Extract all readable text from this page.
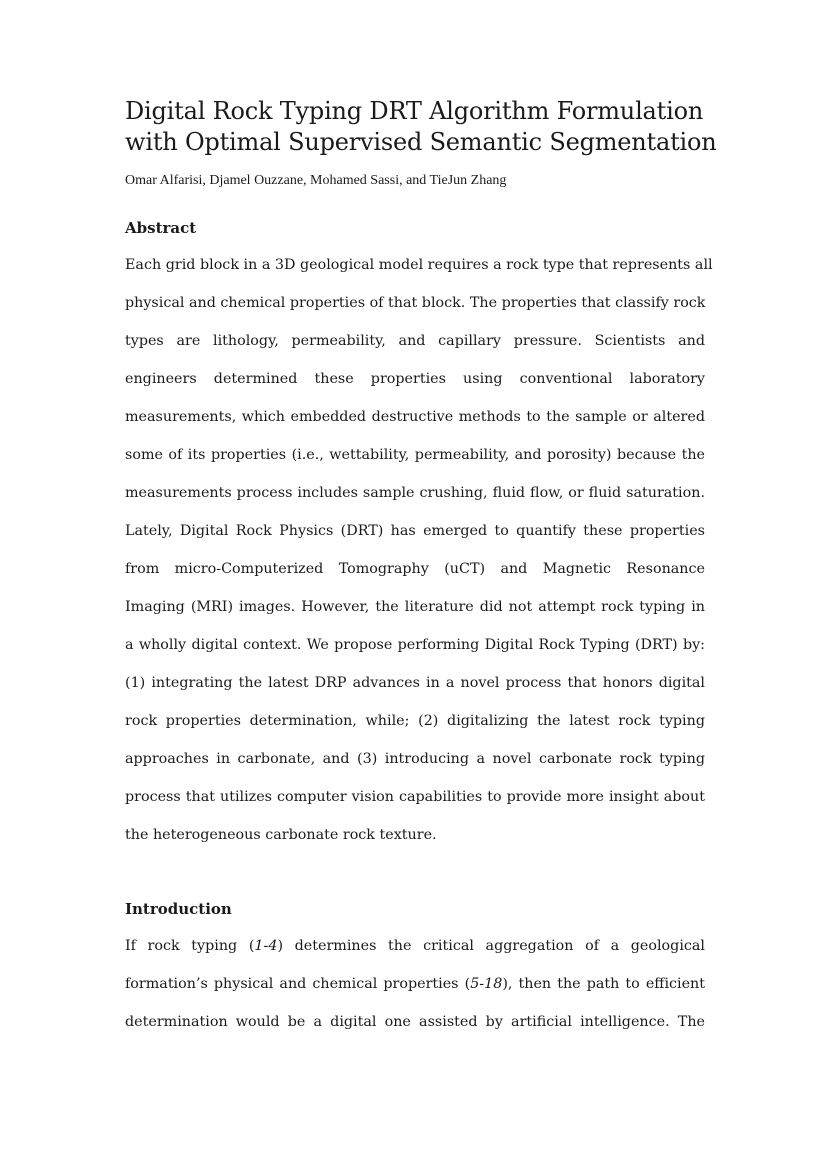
Digital Rock Typing DRT Algorithm Formulation
with Optimal Supervised Semantic Segmentation
Omar Alfarisi, Djamel Ouzzane, Mohamed Sassi, and TieJun Zhang
Abstract

Each grid block in a 3D geological model requires a rock type that represents all
physical and chemical properties of that block. The properties that classify rock
types are lithology, permeability, and capillary pressure. Scientists and
engineers determined these properties using conventional laboratory
measurements, which embedded destructive methods to the sample or altered
some of its properties (i.e., wettability, permeability, and porosity) because the
measurements process includes sample crushing, fluid flow, or fluid saturation.
Lately, Digital Rock Physics (DRT) has emerged to quantify these properties
from micro-Computerized Tomography (uCT) and Magnetic Resonance
Imaging (MRI) images. However, the literature did not attempt rock typing in
a wholly digital context. We propose performing Digital Rock Typing (DRT) by:
(1) integrating the latest DRP advances in a novel process that honors digital
rock properties determination, while; (2) digitalizing the latest rock typing
approaches in carbonate, and (3) introducing a novel carbonate rock typing
process that utilizes computer vision capabilities to provide more insight about
the heterogeneous carbonate rock texture.

Introduction

If rock typing (1-4) determines the critical aggregation of a geological
formation’s physical and chemical properties (5-18), then the path to efficient
determination would be a digital one assisted by artificial intelligence. The
